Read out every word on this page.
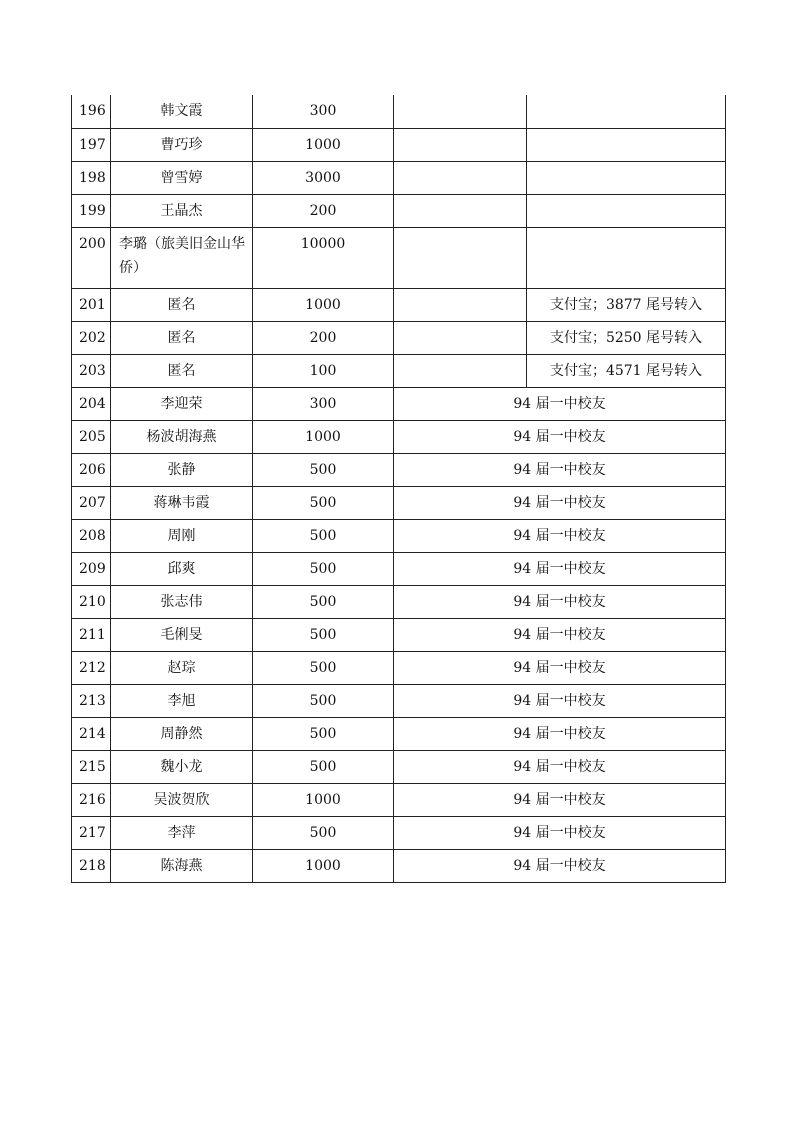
196	韩文霞	300		
197	曹巧珍	1000		
198	曾雪婷	3000		
199	王晶杰	200		
200	李璐（旅美旧金山华侨）	10000		
201	匿名	1000		支付宝；3877 尾号转入
202	匿名	200		支付宝；5250 尾号转入
203	匿名	100		支付宝；4571 尾号转入
204	李迎荣	300	94 届一中校友	
205	杨波胡海燕	1000	94 届一中校友	
206	张静	500	94 届一中校友	
207	蒋琳韦霞	500	94 届一中校友	
208	周刚	500	94 届一中校友	
209	邱爽	500	94 届一中校友	
210	张志伟	500	94 届一中校友	
211	毛俐旻	500	94 届一中校友	
212	赵琮	500	94 届一中校友	
213	李旭	500	94 届一中校友	
214	周静然	500	94 届一中校友	
215	魏小龙	500	94 届一中校友	
216	吴波贺欣	1000	94 届一中校友	
217	李萍	500	94 届一中校友	
218	陈海燕	1000	94 届一中校友	
